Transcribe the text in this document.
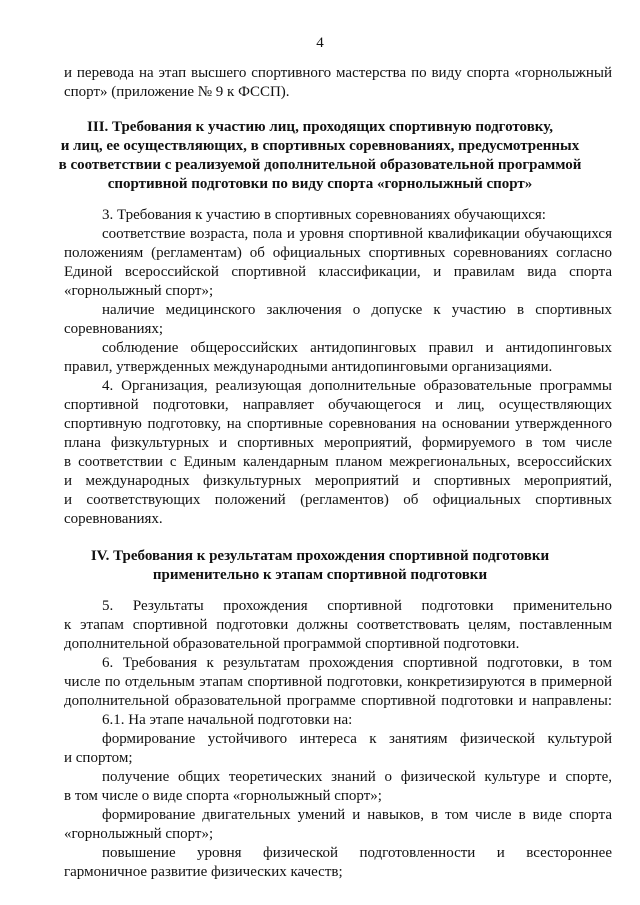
4

и перевода на этап высшего спортивного мастерства по виду спорта «горнолыжный

спорт» (приложение № 9 к ФССП).

III. Требования к участию лиц, проходящих спортивную подготовку,

и лиц, ее осуществляющих, в спортивных соревнованиях, предусмотренных

в соответствии с реализуемой дополнительной образовательной программой

спортивной подготовки по виду спорта «горнолыжный спорт»

3. Требования к участию в спортивных соревнованиях обучающихся:

соответствие возраста, пола и уровня спортивной квалификации обучающихся

положениям (регламентам) об официальных спортивных соревнованиях согласно

Единой всероссийской спортивной классификации, и правилам вида спорта

«горнолыжный спорт»;

наличие медицинского заключения о допуске к участию в спортивных

соревнованиях;

соблюдение общероссийских антидопинговых правил и антидопинговых

правил, утвержденных международными антидопинговыми организациями.

4. Организация, реализующая дополнительные образовательные программы

спортивной подготовки, направляет обучающегося и лиц, осуществляющих

спортивную подготовку, на спортивные соревнования на основании утвержденного

плана физкультурных и спортивных мероприятий, формируемого в том числе

в соответствии с Единым календарным планом межрегиональных, всероссийских

и международных физкультурных мероприятий и спортивных мероприятий,

и соответствующих положений (регламентов) об официальных спортивных

соревнованиях.

IV. Требования к результатам прохождения спортивной подготовки

применительно к этапам спортивной подготовки

5. Результаты прохождения спортивной подготовки применительно

к этапам спортивной подготовки должны соответствовать целям, поставленным

дополнительной образовательной программой спортивной подготовки.

6. Требования к результатам прохождения спортивной подготовки, в том

числе по отдельным этапам спортивной подготовки, конкретизируются в примерной

дополнительной образовательной программе спортивной подготовки и направлены:

6.1. На этапе начальной подготовки на:

формирование устойчивого интереса к занятиям физической культурой

и спортом;

получение общих теоретических знаний о физической культуре и спорте,

в том числе о виде спорта «горнолыжный спорт»;

формирование двигательных умений и навыков, в том числе в виде спорта

«горнолыжный спорт»;

повышение уровня физической подготовленности и всестороннее

гармоничное развитие физических качеств;
